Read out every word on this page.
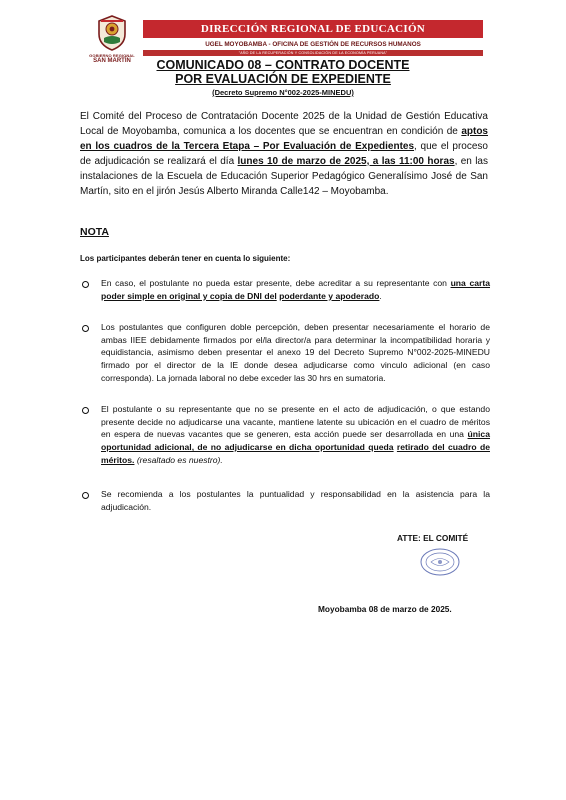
GOBIERNO REGIONAL
SAN MARTÍN
DIRECCIÓN REGIONAL DE EDUCACIÓN
UGEL MOYOBAMBA - OFICINA DE GESTIÓN DE RECURSOS HUMANOS
"AÑO DE LA RECUPERACIÓN Y CONSOLIDACIÓN DE LA ECONOMÍA PERUANA"
COMUNICADO 08 – CONTRATO DOCENTE
POR EVALUACIÓN DE EXPEDIENTE
(Decreto Supremo N°002-2025-MINEDU)
El Comité del Proceso de Contratación Docente 2025 de la Unidad de Gestión Educativa Local de Moyobamba, comunica a los docentes que se encuentran en condición de aptos en los cuadros de la Tercera Etapa – Por Evaluación de Expedientes, que el proceso de adjudicación se realizará el día lunes 10 de marzo de 2025, a las 11:00 horas, en las instalaciones de la Escuela de Educación Superior Pedagógico Generalísimo José de San Martín, sito en el jirón Jesús Alberto Miranda Calle142 – Moyobamba.
NOTA
Los participantes deberán tener en cuenta lo siguiente:
En caso, el postulante no pueda estar presente, debe acreditar a su representante con una carta poder simple en original y copia de DNI del poderdante y apoderado.
Los postulantes que configuren doble percepción, deben presentar necesariamente el horario de ambas IIEE debidamente firmados por el/la director/a para determinar la incompatibilidad horaria y equidistancia, asimismo deben presentar el anexo 19 del Decreto Supremo N°002-2025-MINEDU firmado por el director de la IE donde desea adjudicarse como vinculo adicional (en caso corresponda). La jornada laboral no debe exceder las 30 hrs en sumatoria.
El postulante o su representante que no se presente en el acto de adjudicación, o que estando presente decide no adjudicarse una vacante, mantiene latente su ubicación en el cuadro de méritos en espera de nuevas vacantes que se generen, esta acción puede ser desarrollada en una única oportunidad adicional, de no adjudicarse en dicha oportunidad queda retirado del cuadro de méritos. (resaltado es nuestro).
Se recomienda a los postulantes la puntualidad y responsabilidad en la asistencia para la adjudicación.
ATTE: EL COMITÉ
Moyobamba 08 de marzo de 2025.
